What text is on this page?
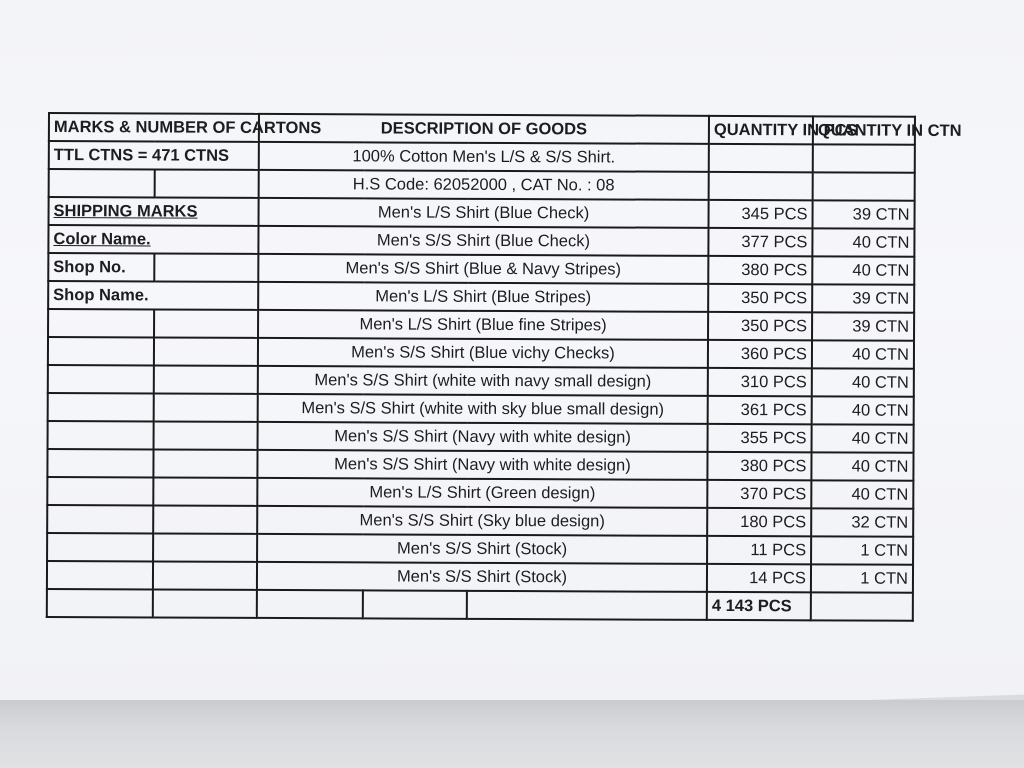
MARKS & NUMBER OF CARTONS		DESCRIPTION OF GOODS			QUANTITY IN PCS	QUANTITY IN CTN
TTL CTNS = 471 CTNS		100% Cotton Men's L/S & S/S Shirt.				
		H.S Code: 62052000 , CAT No. : 08				
SHIPPING MARKS		Men's L/S Shirt (Blue Check)			345 PCS	39 CTN
Color Name.		Men's S/S Shirt (Blue Check)			377 PCS	40 CTN
Shop No.		Men's S/S Shirt (Blue & Navy Stripes)			380 PCS	40 CTN
Shop Name.		Men's L/S Shirt (Blue Stripes)			350 PCS	39 CTN
		Men's L/S Shirt (Blue fine Stripes)			350 PCS	39 CTN
		Men's S/S Shirt (Blue vichy Checks)			360 PCS	40 CTN
		Men's S/S Shirt (white with navy small design)			310 PCS	40 CTN
		Men's S/S Shirt (white with sky blue small design)			361 PCS	40 CTN
		Men's S/S Shirt (Navy with white design)			355 PCS	40 CTN
		Men's S/S Shirt (Navy with white design)			380 PCS	40 CTN
		Men's L/S Shirt (Green design)			370 PCS	40 CTN
		Men's S/S Shirt (Sky blue design)			180 PCS	32 CTN
		Men's S/S Shirt (Stock)			11 PCS	1 CTN
		Men's S/S Shirt (Stock)			14 PCS	1 CTN
					4 143 PCS	
